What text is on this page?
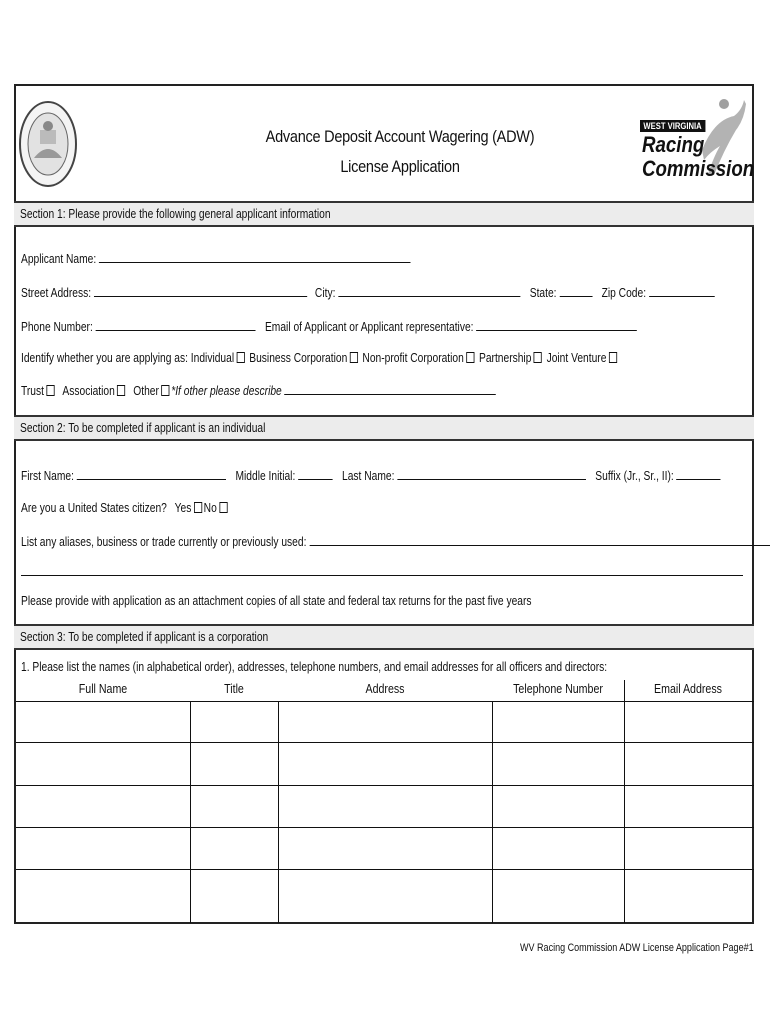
Advance Deposit Account Wagering (ADW)
License Application
WEST VIRGINIA
Racing
Commission
Section 1: Please provide the following general applicant information
Applicant Name:
Street Address:	City:	State:	Zip Code:
Phone Number:	Email of Applicant or Applicant representative:
Identify whether you are applying as: Individual Business Corporation Non-profit Corporation Partnership Joint Venture
Trust Association Other *If other please describe
Section 2: To be completed if applicant is an individual
First Name:	Middle Initial:	Last Name:	Suffix (Jr., Sr., II):
Are you a United States citizen? Yes No
List any aliases, business or trade currently or previously used:
Please provide with application as an attachment copies of all state and federal tax returns for the past five years
Section 3: To be completed if applicant is a corporation
1. Please list the names (in alphabetical order), addresses, telephone numbers, and email addresses for all officers and directors:
Full Name	Title	Address	Telephone Number	Email Address
WV Racing Commission ADW License Application Page#1
